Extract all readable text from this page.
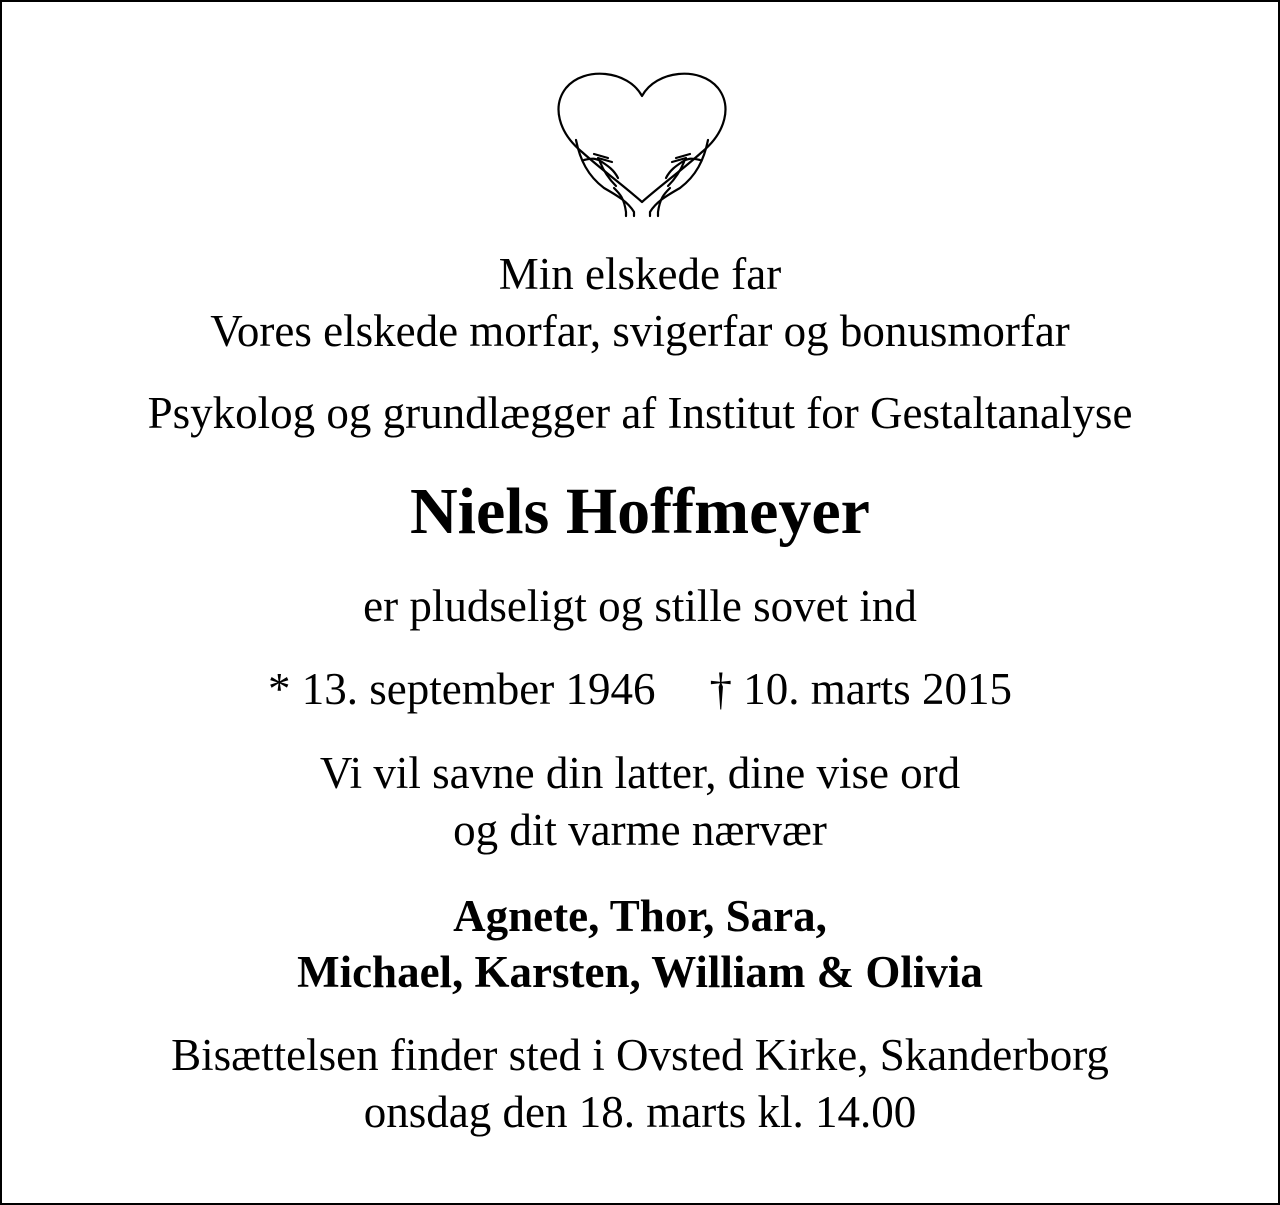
Min elskede far
Vores elskede morfar, svigerfar og bonusmorfar
Psykolog og grundlægger af Institut for Gestaltanalyse
Niels Hoffmeyer
er pludseligt og stille sovet ind
* 13. september 1946 † 10. marts 2015
Vi vil savne din latter, dine vise ord
og dit varme nærvær
Agnete, Thor, Sara,
Michael, Karsten, William & Olivia
Bisættelsen finder sted i Ovsted Kirke, Skanderborg
onsdag den 18. marts kl. 14.00
